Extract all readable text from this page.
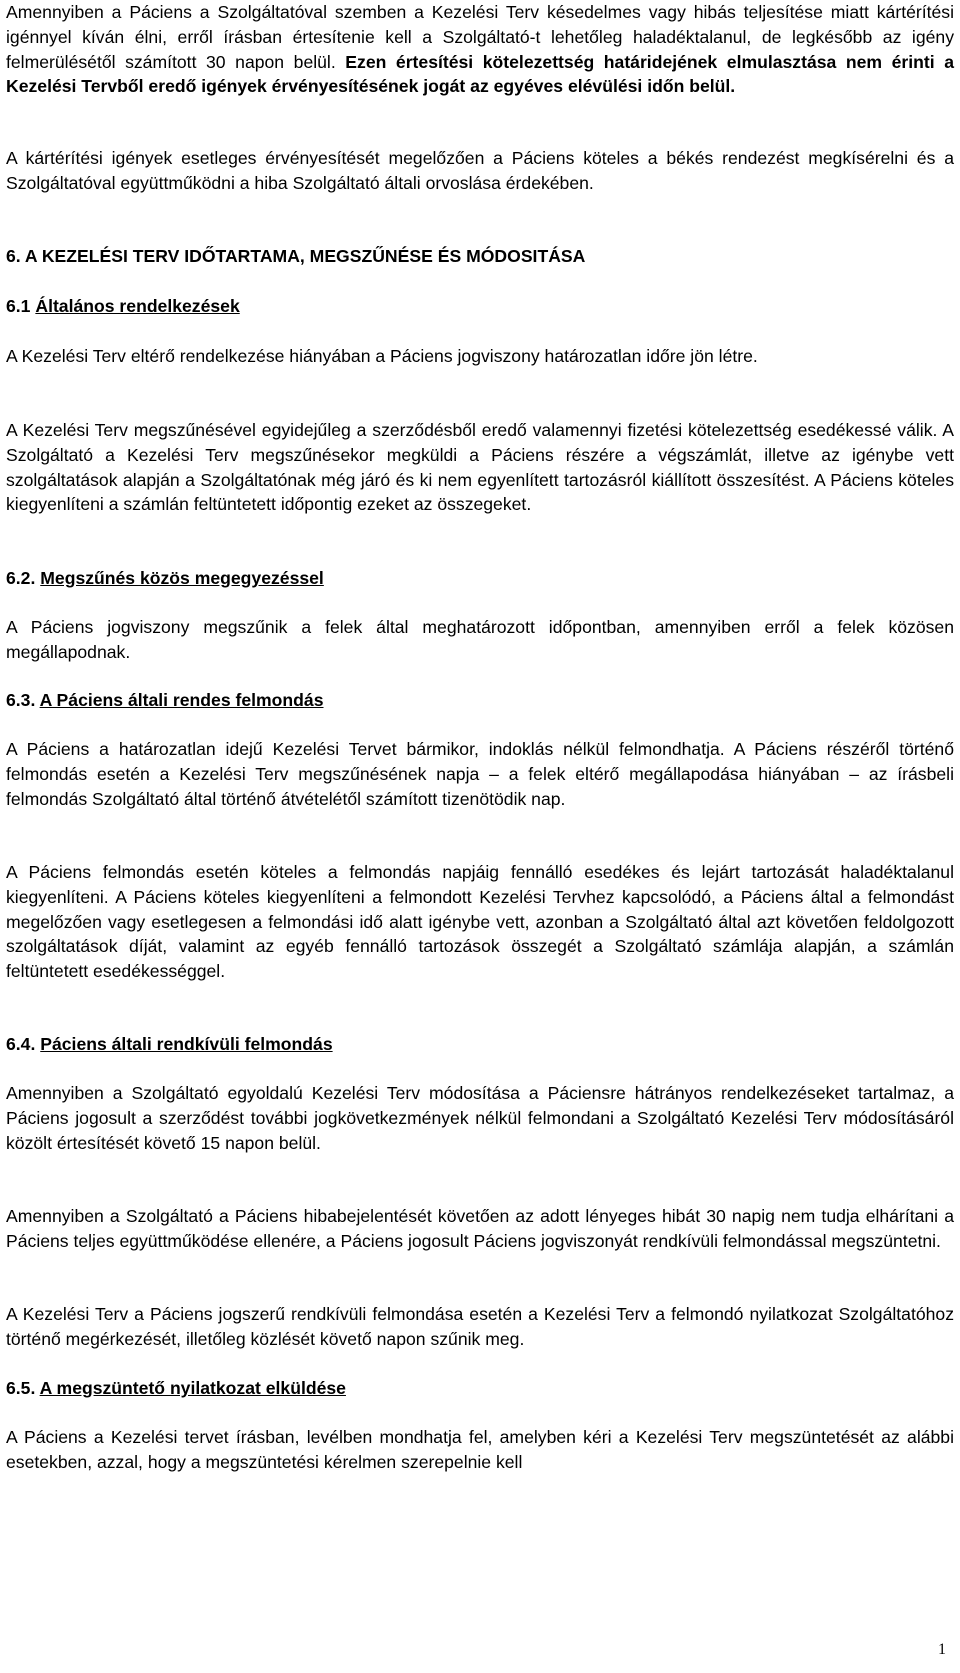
Amennyiben a Páciens a Szolgáltatóval szemben a Kezelési Terv késedelmes vagy hibás teljesítése miatt kártérítési igénnyel kíván élni, erről írásban értesítenie kell a Szolgáltató-t lehetőleg haladéktalanul, de legkésőbb az igény felmerülésétől számított 30 napon belül. Ezen értesítési kötelezettség határidejének elmulasztása nem érinti a Kezelési Tervből eredő igények érvényesítésének jogát az egyéves elévülési időn belül.

A kártérítési igények esetleges érvényesítését megelőzően a Páciens köteles a békés rendezést megkísérelni és a Szolgáltatóval együttműködni a hiba Szolgáltató általi orvoslása érdekében.

6. A KEZELÉSI TERV IDŐTARTAMA, MEGSZŰNÉSE ÉS MÓDOSITÁSA

6.1 Általános rendelkezések

A Kezelési Terv eltérő rendelkezése hiányában a Páciens jogviszony határozatlan időre jön létre.

A Kezelési Terv megszűnésével egyidejűleg a szerződésből eredő valamennyi fizetési kötelezettség esedékessé válik. A Szolgáltató a Kezelési Terv megszűnésekor megküldi a Páciens részére a végszámlát, illetve az igénybe vett szolgáltatások alapján a Szolgáltatónak még járó és ki nem egyenlített tartozásról kiállított összesítést. A Páciens köteles kiegyenlíteni a számlán feltüntetett időpontig ezeket az összegeket.

6.2. Megszűnés közös megegyezéssel

A Páciens jogviszony megszűnik a felek által meghatározott időpontban, amennyiben erről a felek közösen megállapodnak.

6.3. A Páciens általi rendes felmondás

A Páciens a határozatlan idejű Kezelési Tervet bármikor, indoklás nélkül felmondhatja. A Páciens részéről történő felmondás esetén a Kezelési Terv megszűnésének napja – a felek eltérő megállapodása hiányában – az írásbeli felmondás Szolgáltató által történő átvételétől számított tizenötödik nap.

A Páciens felmondás esetén köteles a felmondás napjáig fennálló esedékes és lejárt tartozását haladéktalanul kiegyenlíteni. A Páciens köteles kiegyenlíteni a felmondott Kezelési Tervhez kapcsolódó, a Páciens által a felmondást megelőzően vagy esetlegesen a felmondási idő alatt igénybe vett, azonban a Szolgáltató által azt követően feldolgozott szolgáltatások díját, valamint az egyéb fennálló tartozások összegét a Szolgáltató számlája alapján, a számlán feltüntetett esedékességgel.

6.4. Páciens általi rendkívüli felmondás

Amennyiben a Szolgáltató egyoldalú Kezelési Terv módosítása a Páciensre hátrányos rendelkezéseket tartalmaz, a Páciens jogosult a szerződést további jogkövetkezmények nélkül felmondani a Szolgáltató Kezelési Terv módosításáról közölt értesítését követő 15 napon belül.

Amennyiben a Szolgáltató a Páciens hibabejelentését követően az adott lényeges hibát 30 napig nem tudja elhárítani a Páciens teljes együttműködése ellenére, a Páciens jogosult Páciens jogviszonyát rendkívüli felmondással megszüntetni.

A Kezelési Terv a Páciens jogszerű rendkívüli felmondása esetén a Kezelési Terv a felmondó nyilatkozat Szolgáltatóhoz történő megérkezését, illetőleg közlését követő napon szűnik meg.

6.5. A megszüntető nyilatkozat elküldése

A Páciens a Kezelési tervet írásban, levélben mondhatja fel, amelyben kéri a Kezelési Terv megszüntetését az alábbi esetekben, azzal, hogy a megszüntetési kérelmen szerepelnie kell

1
